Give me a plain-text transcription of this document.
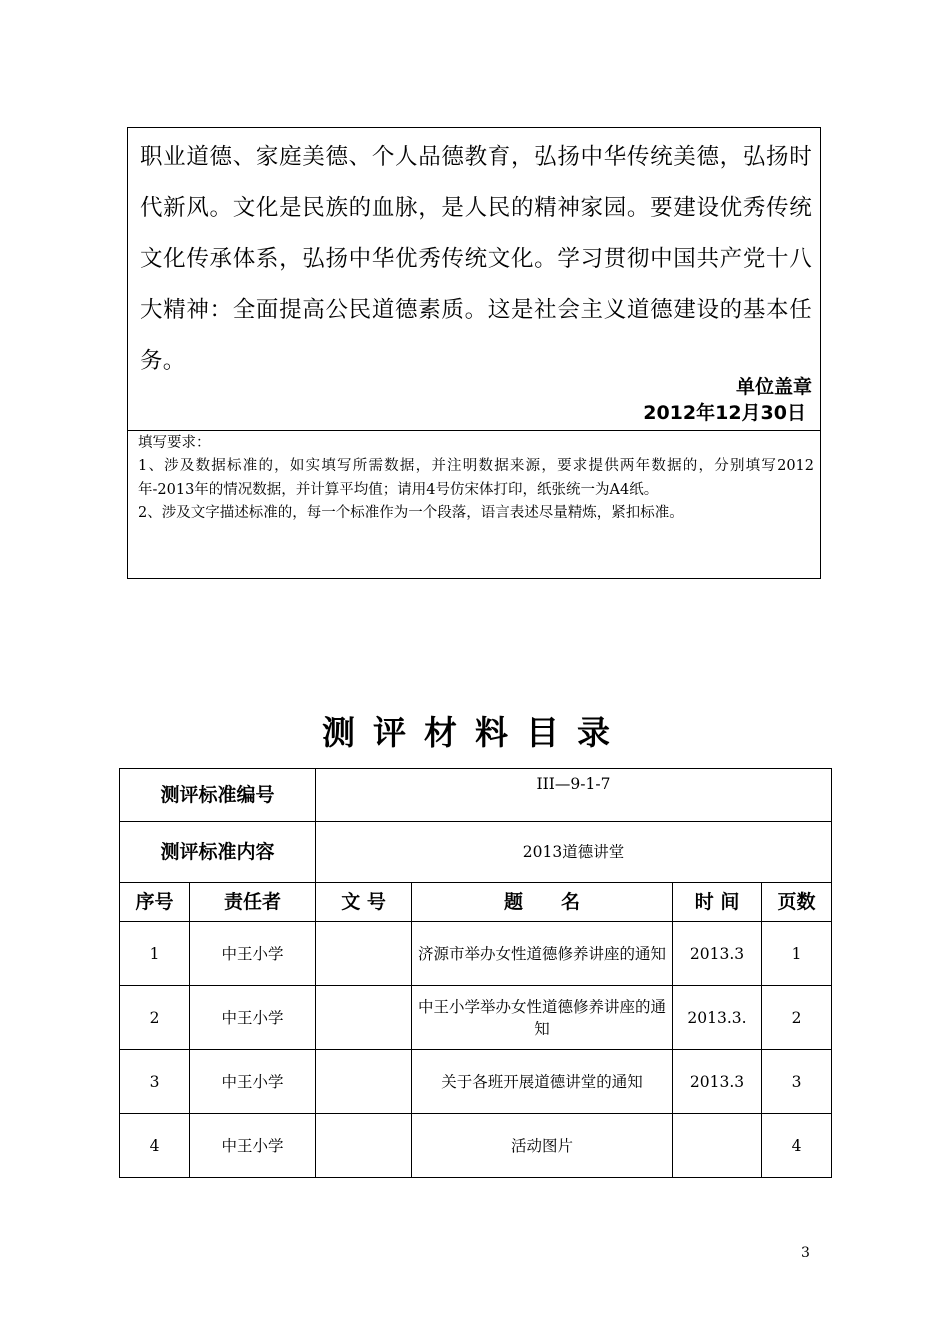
职业道德、家庭美德、个人品德教育，弘扬中华传统美德，弘扬时代新风。文化是民族的血脉，是人民的精神家园。要建设优秀传统文化传承体系，弘扬中华优秀传统文化。学习贯彻中国共产党十八大精神：全面提高公民道德素质。这是社会主义道德建设的基本任务。

单位盖章

2012年12月30日

填写要求：
1、涉及数据标准的，如实填写所需数据，并注明数据来源，要求提供两年数据的，分别填写2012年-2013年的情况数据，并计算平均值；请用4号仿宋体打印，纸张统一为A4纸。
2、涉及文字描述标准的，每一个标准作为一个段落，语言表述尽量精炼，紧扣标准。
测评材料目录
测评标准编号		III—9-1-7			
测评标准内容		2013道德讲堂			
序号	责任者	文 号	题　　名	时 间	页数
1	中王小学		济源市举办女性道德修养讲座的通知	2013.3	1
2	中王小学		中王小学举办女性道德修养讲座的通知	2013.3.	2
3	中王小学		关于各班开展道德讲堂的通知	2013.3	3
4	中王小学		活动图片		4
3
